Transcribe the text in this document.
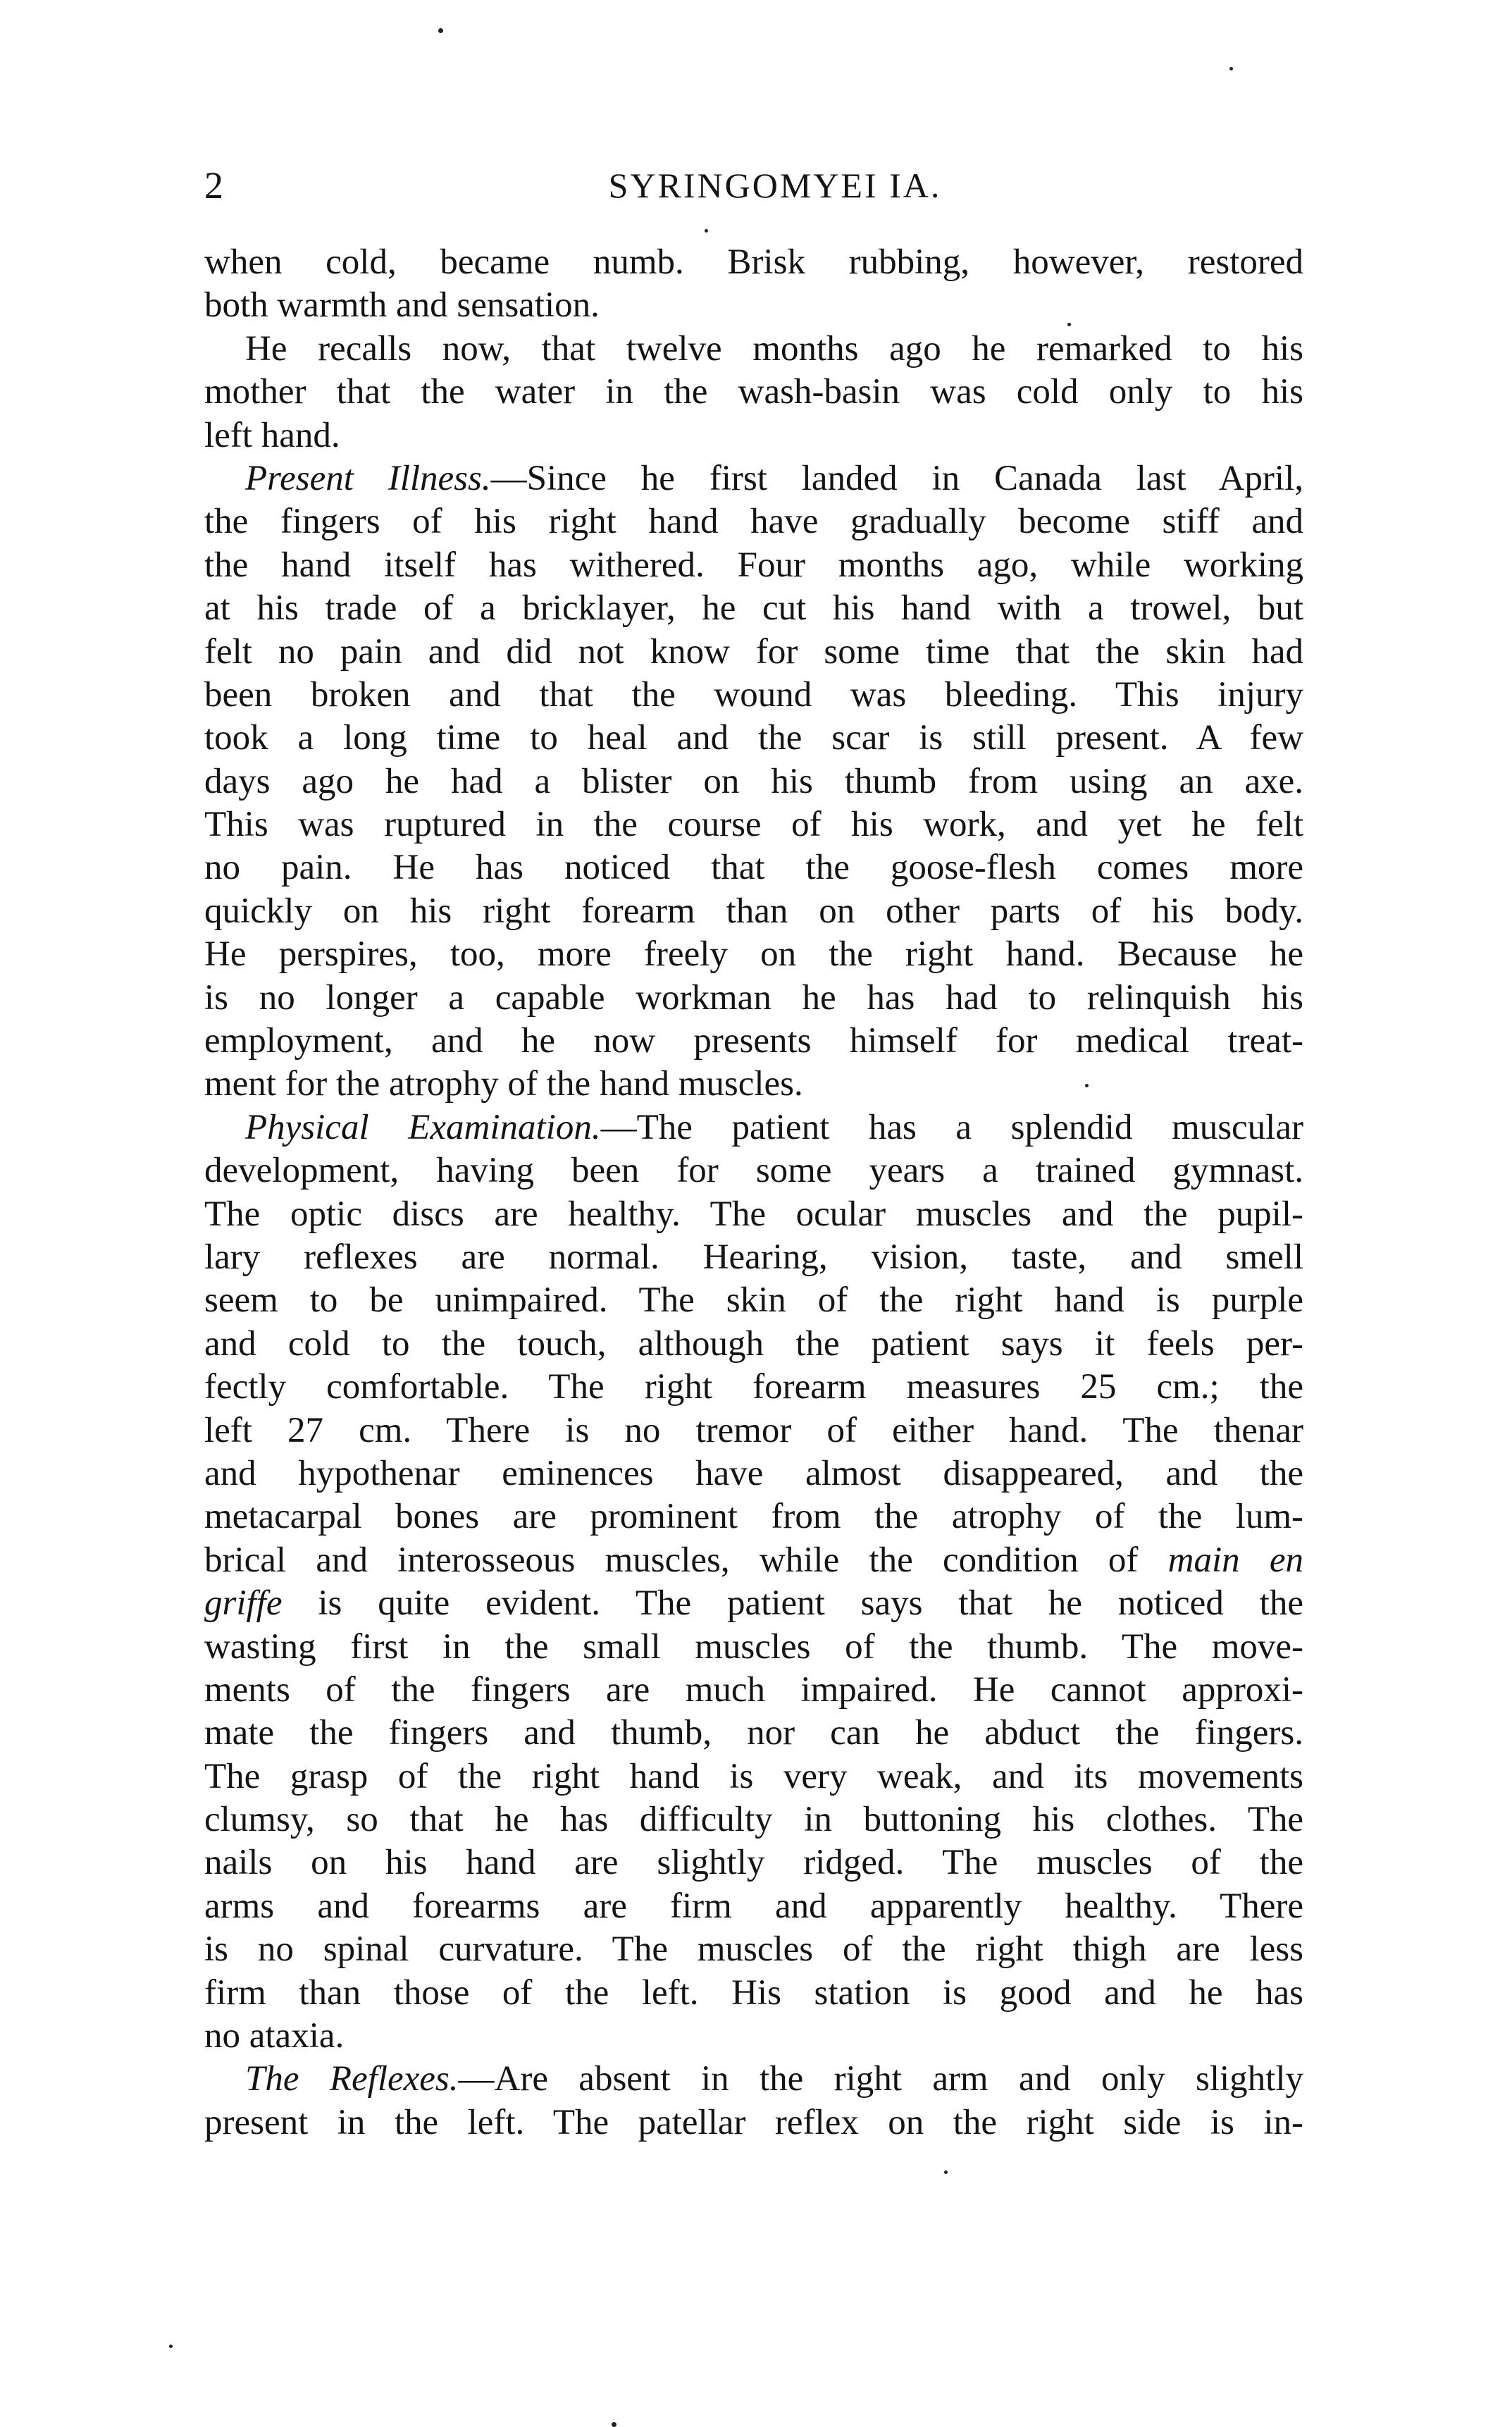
2	SYRINGOMYEI IA.
when cold, became numb. Brisk rubbing, however, restored
both warmth and sensation.
He recalls now, that twelve months ago he remarked to his
mother that the water in the wash-basin was cold only to his
left hand.
Present Illness.—Since he first landed in Canada last April,
the fingers of his right hand have gradually become stiff and
the hand itself has withered. Four months ago, while working
at his trade of a bricklayer, he cut his hand with a trowel, but
felt no pain and did not know for some time that the skin had
been broken and that the wound was bleeding. This injury
took a long time to heal and the scar is still present. A few
days ago he had a blister on his thumb from using an axe.
This was ruptured in the course of his work, and yet he felt
no pain. He has noticed that the goose-flesh comes more
quickly on his right forearm than on other parts of his body.
He perspires, too, more freely on the right hand. Because he
is no longer a capable workman he has had to relinquish his
employment, and he now presents himself for medical treat-
ment for the atrophy of the hand muscles.
Physical Examination.—The patient has a splendid muscular
development, having been for some years a trained gymnast.
The optic discs are healthy. The ocular muscles and the pupil-
lary reflexes are normal. Hearing, vision, taste, and smell
seem to be unimpaired. The skin of the right hand is purple
and cold to the touch, although the patient says it feels per-
fectly comfortable. The right forearm measures 25 cm.; the
left 27 cm. There is no tremor of either hand. The thenar
and hypothenar eminences have almost disappeared, and the
metacarpal bones are prominent from the atrophy of the lum-
brical and interosseous muscles, while the condition of main en
griffe is quite evident. The patient says that he noticed the
wasting first in the small muscles of the thumb. The move-
ments of the fingers are much impaired. He cannot approxi-
mate the fingers and thumb, nor can he abduct the fingers.
The grasp of the right hand is very weak, and its movements
clumsy, so that he has difficulty in buttoning his clothes. The
nails on his hand are slightly ridged. The muscles of the
arms and forearms are firm and apparently healthy. There
is no spinal curvature. The muscles of the right thigh are less
firm than those of the left. His station is good and he has
no ataxia.
The Reflexes.—Are absent in the right arm and only slightly
present in the left. The patellar reflex on the right side is in-
